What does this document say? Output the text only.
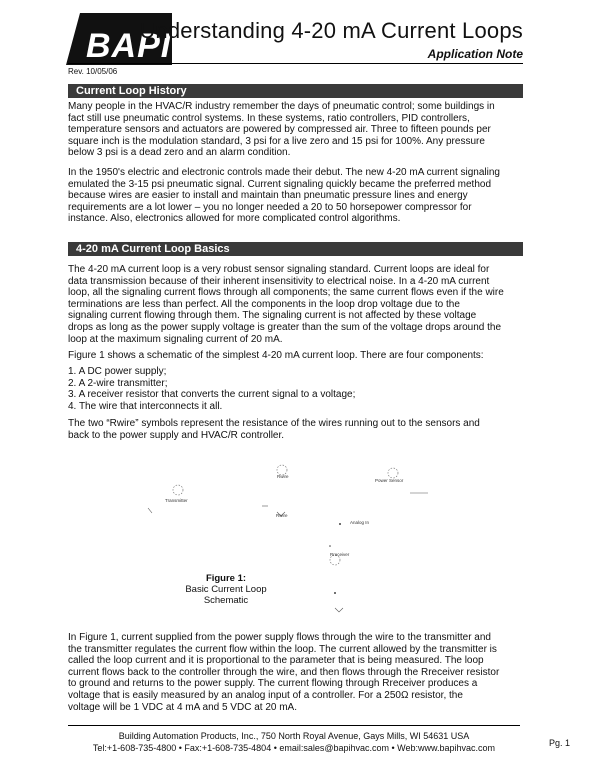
BAPI
Understanding 4-20 mA Current Loops
Application Note
Rev. 10/05/06
Current Loop History
Many people in the HVAC/R industry remember the days of pneumatic control; some buildings in
fact still use pneumatic control systems. In these systems, ratio controllers, PID controllers,
temperature sensors and actuators are powered by compressed air. Three to fifteen pounds per
square inch is the modulation standard, 3 psi for a live zero and 15 psi for 100%. Any pressure
below 3 psi is a dead zero and an alarm condition.
In the 1950's electric and electronic controls made their debut. The new 4-20 mA current signaling
emulated the 3-15 psi pneumatic signal. Current signaling quickly became the preferred method
because wires are easier to install and maintain than pneumatic pressure lines and energy
requirements are a lot lower – you no longer needed a 20 to 50 horsepower compressor for
instance. Also, electronics allowed for more complicated control algorithms.
4-20 mA Current Loop Basics
The 4-20 mA current loop is a very robust sensor signaling standard. Current loops are ideal for
data transmission because of their inherent insensitivity to electrical noise. In a 4-20 mA current
loop, all the signaling current flows through all components; the same current flows even if the wire
terminations are less than perfect. All the components in the loop drop voltage due to the
signaling current flowing through them. The signaling current is not affected by these voltage
drops as long as the power supply voltage is greater than the sum of the voltage drops around the
loop at the maximum signaling current of 20 mA.
Figure 1 shows a schematic of the simplest 4-20 mA current loop. There are four components:
1. A DC power supply;
2. A 2-wire transmitter;
3. A receiver resistor that converts the current signal to a voltage;
4. The wire that interconnects it all.
The two “Rwire” symbols represent the resistance of the wires running out to the sensors and
back to the power supply and HVAC/R controller.
Rwire
Power Sensor
Transmitter
Rwire
Analog In
Rreceiver
Figure 1:
Basic Current Loop
Schematic
In Figure 1, current supplied from the power supply flows through the wire to the transmitter and
the transmitter regulates the current flow within the loop. The current allowed by the transmitter is
called the loop current and it is proportional to the parameter that is being measured. The loop
current flows back to the controller through the wire, and then flows through the Rreceiver resistor
to ground and returns to the power supply. The current flowing through Rreceiver produces a
voltage that is easily measured by an analog input of a controller. For a 250Ω resistor, the
voltage will be 1 VDC at 4 mA and 5 VDC at 20 mA.
Building Automation Products, Inc., 750 North Royal Avenue, Gays Mills, WI 54631 USA
Tel:+1-608-735-4800 • Fax:+1-608-735-4804 • email:sales@bapihvac.com • Web:www.bapihvac.com	Pg. 1
